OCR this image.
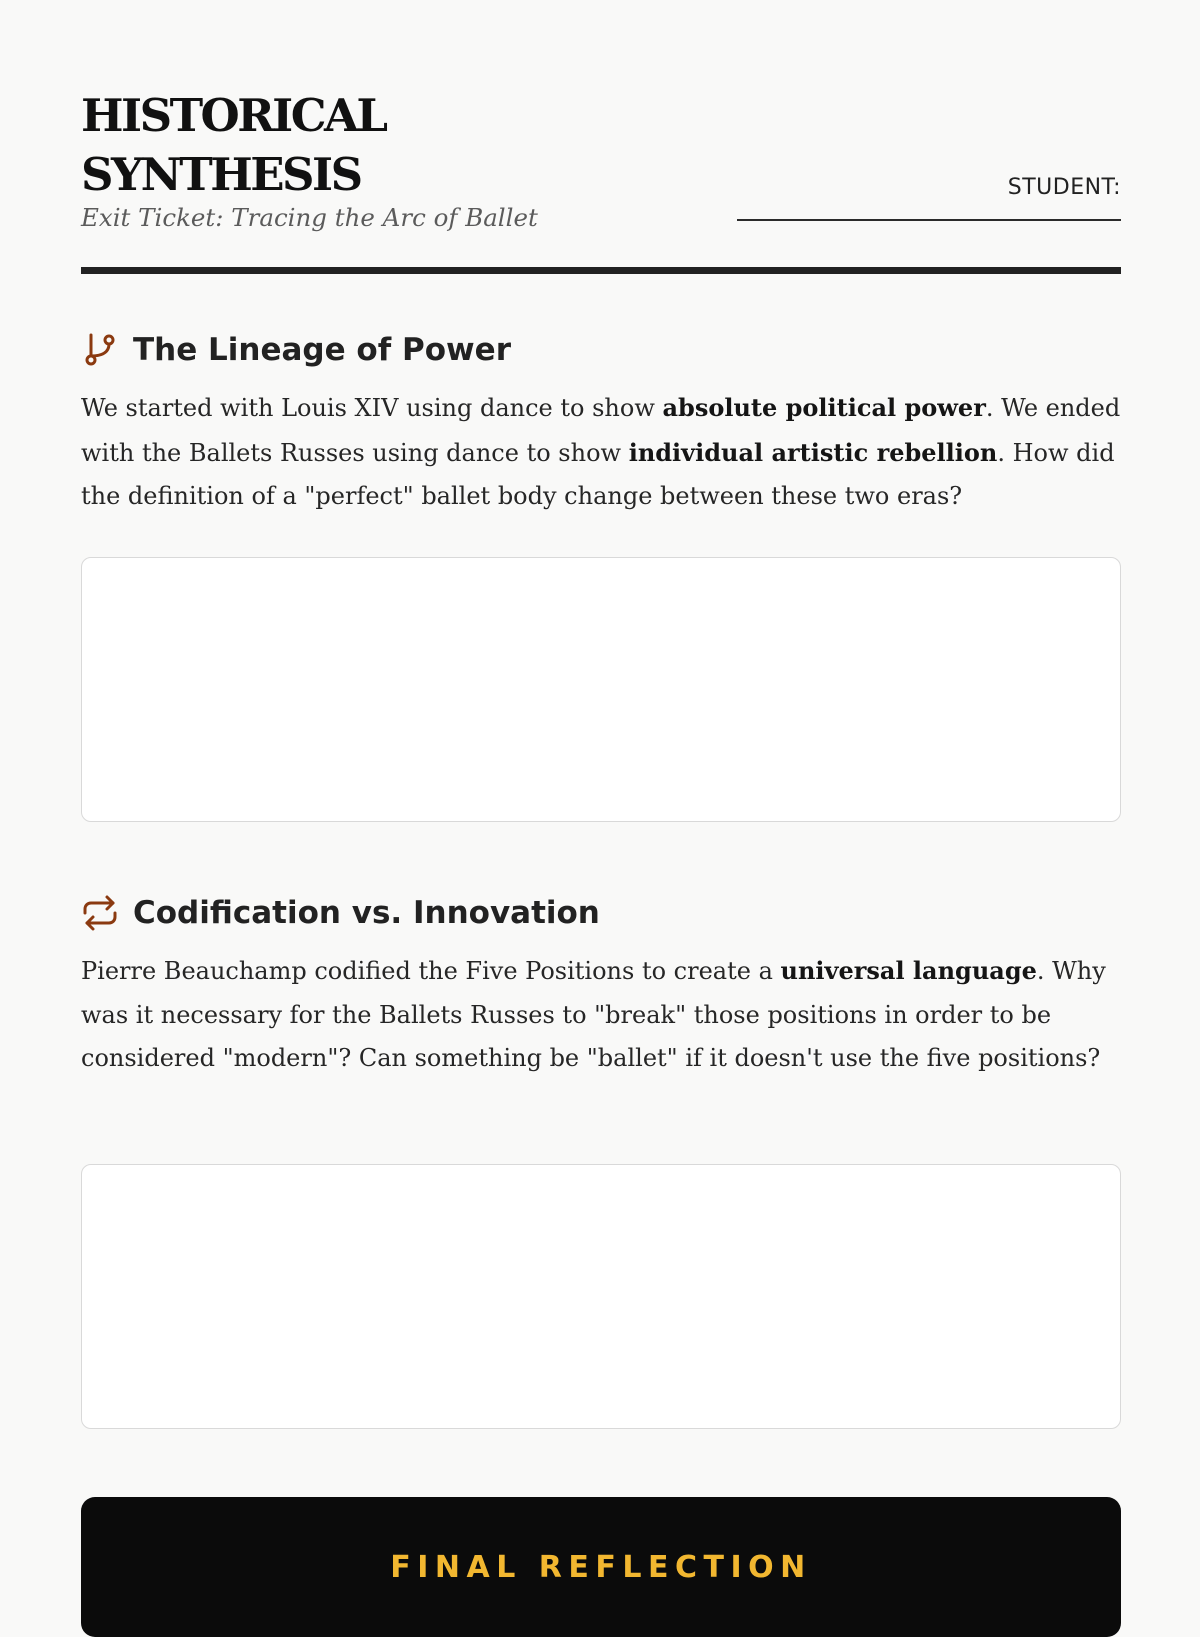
HISTORICAL
SYNTHESIS

Exit Ticket: Tracing the Arc of Ballet

STUDENT:
The Lineage of Power

We started with Louis XIV using dance to show absolute political power. We ended with the Ballets Russes using dance to show individual artistic rebellion. How did the definition of a "perfect" ballet body change between these two eras?

Codification vs. Innovation

Pierre Beauchamp codified the Five Positions to create a universal language. Why was it necessary for the Ballets Russes to "break" those positions in order to be considered "modern"? Can something be "ballet" if it doesn't use the five positions?

FINAL REFLECTION
